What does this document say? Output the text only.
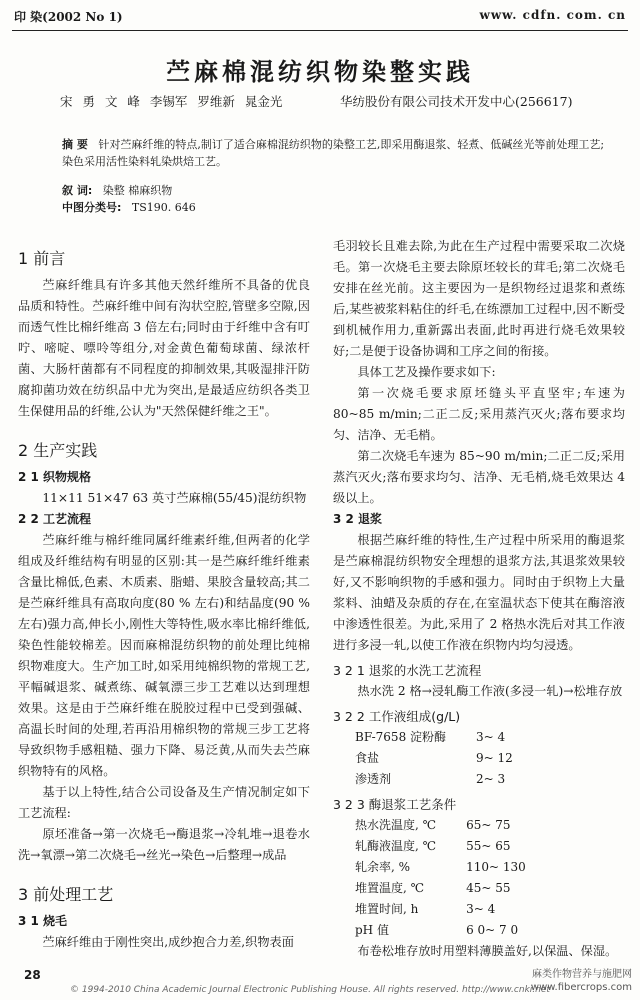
印 染(2002 No 1)	www. cdfn. com. cn
苎麻棉混纺织物染整实践
宋 勇 文 峰 李锡军 罗维新 晁金光	华纺股份有限公司技术开发中心(256617)
摘 要 针对苎麻纤维的特点,制订了适合麻棉混纺织物的染整工艺,即采用酶退浆、轻煮、低碱丝光等前处理工艺;染色采用活性染料轧染烘焙工艺。
叙 词: 染整 棉麻织物
中图分类号: TS190. 646
1 前言

苎麻纤维具有许多其他天然纤维所不具备的优良品质和特性。苎麻纤维中间有沟状空腔,管壁多空隙,因而透气性比棉纤维高 3 倍左右;同时由于纤维中含有叮咛、嘧啶、嘌呤等组分,对金黄色葡萄球菌、绿浓杆菌、大肠杆菌都有不同程度的抑制效果,其吸湿排汗防腐抑菌功效在纺织品中尤为突出,是最适应纺织各类卫生保健用品的纤维,公认为"天然保健纤维之王"。

2 生产实践
2 1 织物规格

11×11 51×47 63 英寸苎麻棉(55/45)混纺织物

2 2 工艺流程

苎麻纤维与棉纤维同属纤维素纤维,但两者的化学组成及纤维结构有明显的区别:其一是苎麻纤维纤维素含量比棉低,色素、木质素、脂蜡、果胶含量较高;其二是苎麻纤维具有高取向度(80 % 左右)和结晶度(90 % 左右)强力高,伸长小,刚性大等特性,吸水率比棉纤维低,染色性能较棉差。因而麻棉混纺织物的前处理比纯棉织物难度大。生产加工时,如采用纯棉织物的常规工艺,平幅碱退浆、碱煮练、碱氧漂三步工艺难以达到理想效果。这是由于苎麻纤维在脱胶过程中已受到强碱、高温长时间的处理,若再沿用棉织物的常规三步工艺将导致织物手感粗糙、强力下降、易泛黄,从而失去苎麻织物特有的风格。

基于以上特性,结合公司设备及生产情况制定如下工艺流程:

原坯准备→第一次烧毛→酶退浆→冷轧堆→退卷水洗→氧漂→第二次烧毛→丝光→染色→后整理→成品

3 前处理工艺
3 1 烧毛

苎麻纤维由于刚性突出,成纱抱合力差,织物表面

毛羽较长且难去除,为此在生产过程中需要采取二次烧毛。第一次烧毛主要去除原坯较长的茸毛;第二次烧毛安排在丝光前。这主要因为一是织物经过退浆和煮练后,某些被浆料粘住的纤毛,在练漂加工过程中,因不断受到机械作用力,重新露出表面,此时再进行烧毛效果较好;二是便于设备协调和工序之间的衔接。

具体工艺及操作要求如下:

第一次烧毛要求原坯缝头平直坚牢;车速为 80~85 m/min;二正二反;采用蒸汽灭火;落布要求均匀、洁净、无毛梢。

第二次烧毛车速为 85~90 m/min;二正二反;采用蒸汽灭火;落布要求均匀、洁净、无毛梢,烧毛效果达 4 级以上。

3 2 退浆

根据苎麻纤维的特性,生产过程中所采用的酶退浆是苎麻棉混纺织物安全理想的退浆方法,其退浆效果较好,又不影响织物的手感和强力。同时由于织物上大量浆料、油蜡及杂质的存在,在室温状态下使其在酶溶液中渗透性很差。为此,采用了 2 格热水洗后对其工作液进行多浸一轧,以使工作液在织物内均匀浸透。

3 2 1 退浆的水洗工艺流程

热水洗 2 格→浸轧酶工作液(多浸一轧)→松堆存放

3 2 2 工作液组成(g/L)
BF-7658 淀粉酶	3~ 4
食盐	9~ 12
渗透剂	2~ 3
3 2 3 酶退浆工艺条件
热水洗温度, ℃	65~ 75
轧酶液温度, ℃	55~ 65
轧余率, %	110~ 130
堆置温度, ℃	45~ 55
堆置时间, h	3~ 4
pH 值	6 0~ 7 0

布卷松堆存放时用塑料薄膜盖好,以保温、保湿。

28
© 1994-2010 China Academic Journal Electronic Publishing House. All rights reserved. http://www.cnki.net
麻类作物营养与施肥网
www.fibercrops.com
